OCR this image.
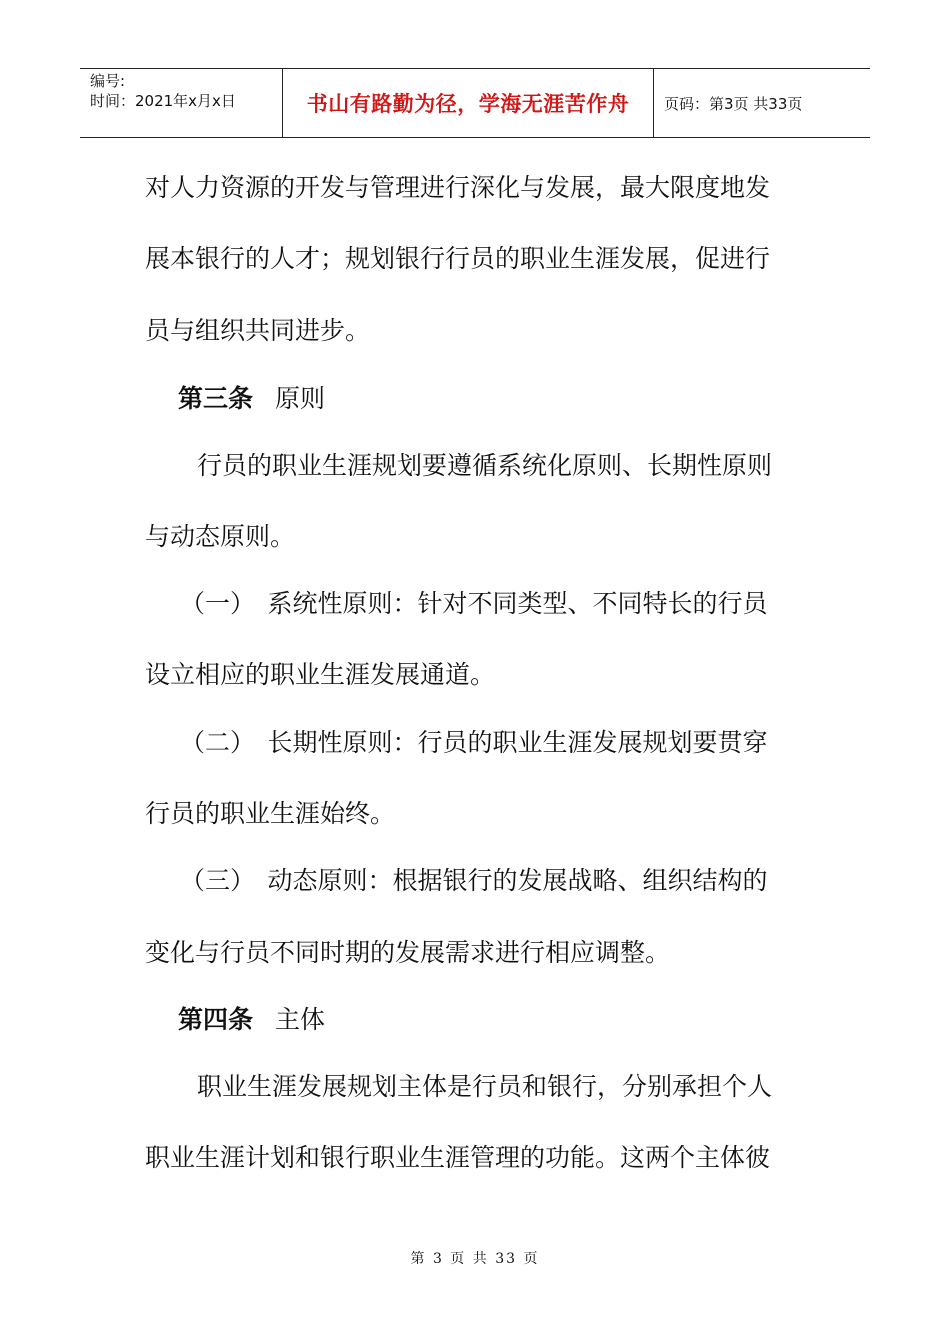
编号:
时间：2021年x月x日	书山有路勤为径，学海无涯苦作舟	页码：第3页 共33页
对人力资源的开发与管理进行深化与发展，最大限度地发
展本银行的人才；规划银行行员的职业生涯发展，促进行
员与组织共同进步。
第三条 原则
行员的职业生涯规划要遵循系统化原则、长期性原则
与动态原则。
（一）　系统性原则：针对不同类型、不同特长的行员
设立相应的职业生涯发展通道。
（二）　长期性原则：行员的职业生涯发展规划要贯穿
行员的职业生涯始终。
（三）　动态原则：根据银行的发展战略、组织结构的
变化与行员不同时期的发展需求进行相应调整。
第四条 主体
职业生涯发展规划主体是行员和银行，分别承担个人
职业生涯计划和银行职业生涯管理的功能。这两个主体彼
第 3 页 共 33 页
